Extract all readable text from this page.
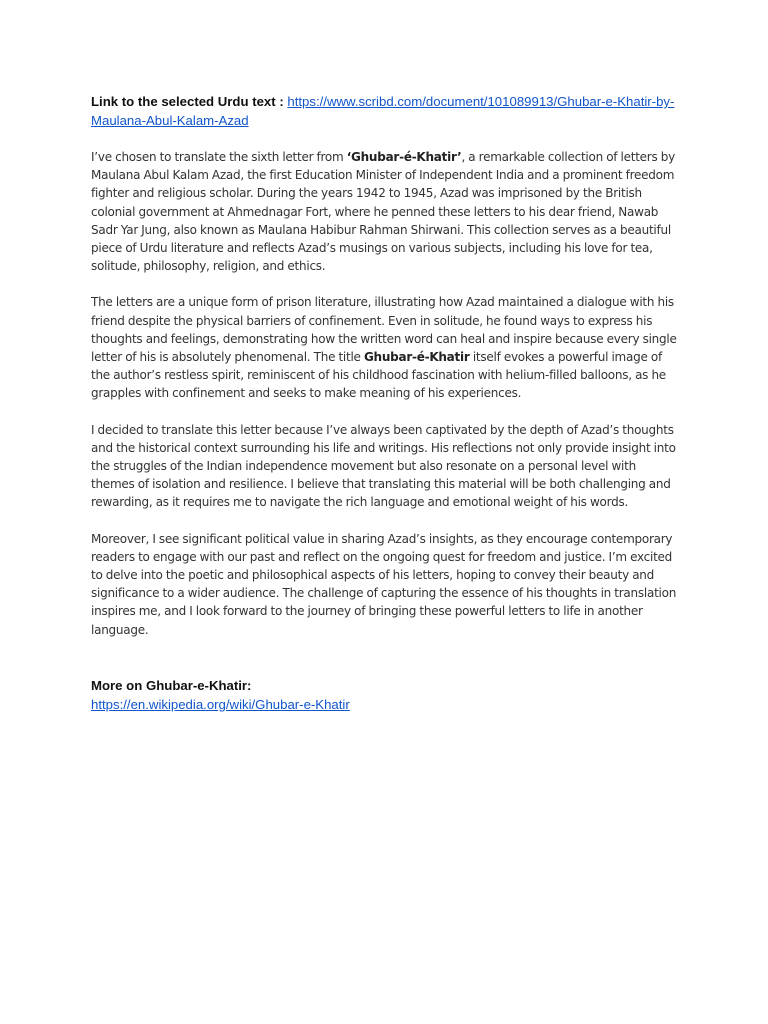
Link to the selected Urdu text : https://www.scribd.com/document/101089913/Ghubar-e-Khatir-by-Maulana-Abul-Kalam-Azad

I’ve chosen to translate the sixth letter from ‘Ghubar-é-Khatir’, a remarkable collection of letters by Maulana Abul Kalam Azad, the first Education Minister of Independent India and a prominent freedom fighter and religious scholar. During the years 1942 to 1945, Azad was imprisoned by the British colonial government at Ahmednagar Fort, where he penned these letters to his dear friend, Nawab Sadr Yar Jung, also known as Maulana Habibur Rahman Shirwani. This collection serves as a beautiful piece of Urdu literature and reflects Azad’s musings on various subjects, including his love for tea, solitude, philosophy, religion, and ethics.

The letters are a unique form of prison literature, illustrating how Azad maintained a dialogue with his friend despite the physical barriers of confinement. Even in solitude, he found ways to express his thoughts and feelings, demonstrating how the written word can heal and inspire because every single letter of his is absolutely phenomenal. The title Ghubar-é-Khatir itself evokes a powerful image of the author’s restless spirit, reminiscent of his childhood fascination with helium-filled balloons, as he grapples with confinement and seeks to make meaning of his experiences.

I decided to translate this letter because I’ve always been captivated by the depth of Azad’s thoughts and the historical context surrounding his life and writings. His reflections not only provide insight into the struggles of the Indian independence movement but also resonate on a personal level with themes of isolation and resilience. I believe that translating this material will be both challenging and rewarding, as it requires me to navigate the rich language and emotional weight of his words.

Moreover, I see significant political value in sharing Azad’s insights, as they encourage contemporary readers to engage with our past and reflect on the ongoing quest for freedom and justice. I’m excited to delve into the poetic and philosophical aspects of his letters, hoping to convey their beauty and significance to a wider audience. The challenge of capturing the essence of his thoughts in translation inspires me, and I look forward to the journey of bringing these powerful letters to life in another language.

More on Ghubar-e-Khatir:
https://en.wikipedia.org/wiki/Ghubar-e-Khatir
